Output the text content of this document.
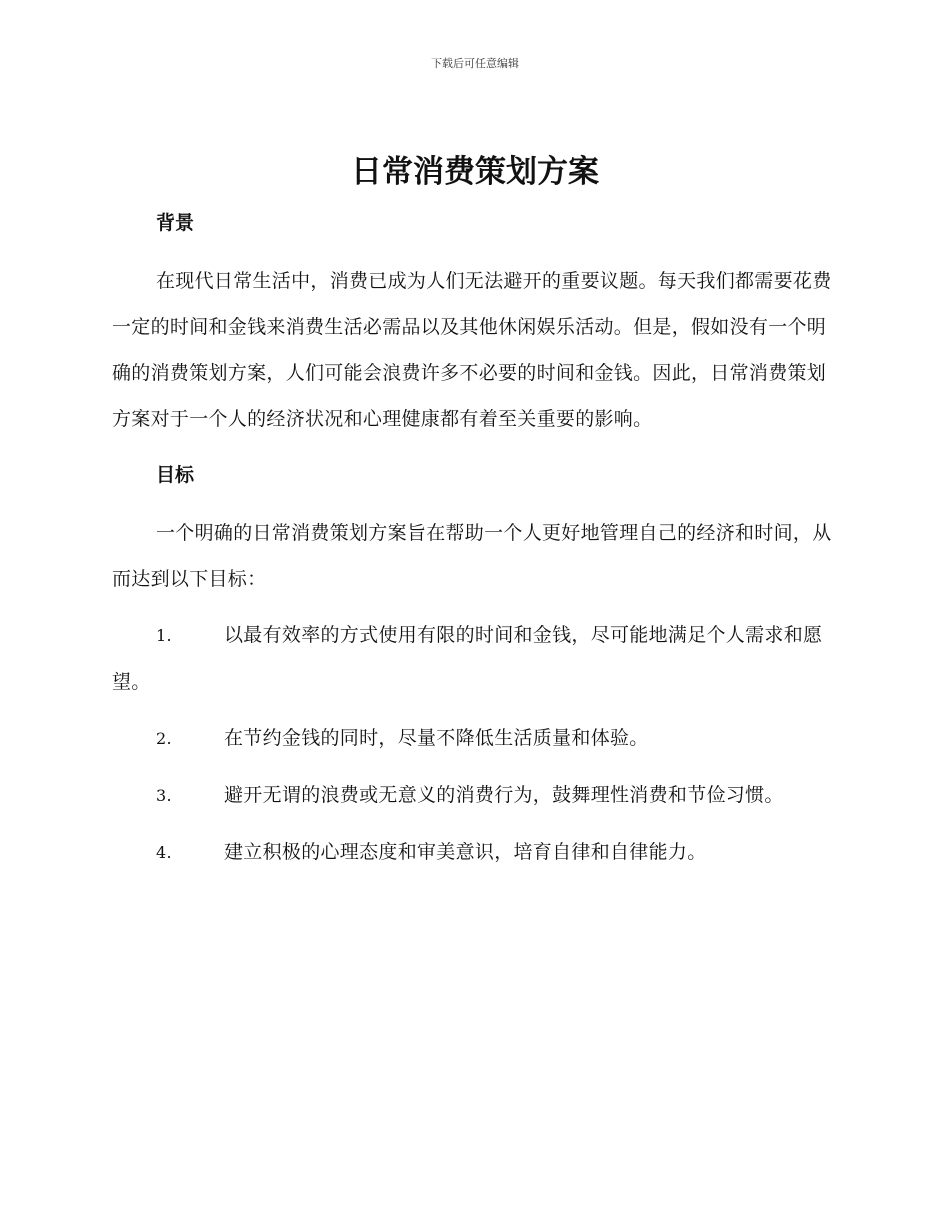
下载后可任意编辑
日常消费策划方案
背景

在现代日常生活中，消费已成为人们无法避开的重要议题。每天我们都需要花费一定的时间和金钱来消费生活必需品以及其他休闲娱乐活动。但是，假如没有一个明确的消费策划方案，人们可能会浪费许多不必要的时间和金钱。因此，日常消费策划方案对于一个人的经济状况和心理健康都有着至关重要的影响。

目标

一个明确的日常消费策划方案旨在帮助一个人更好地管理自己的经济和时间，从而达到以下目标：

1.	以最有效率的方式使用有限的时间和金钱，尽可能地满足个人需求和愿望。

2.	在节约金钱的同时，尽量不降低生活质量和体验。

3.	避开无谓的浪费或无意义的消费行为，鼓舞理性消费和节俭习惯。

4.	建立积极的心理态度和审美意识，培育自律和自律能力。
